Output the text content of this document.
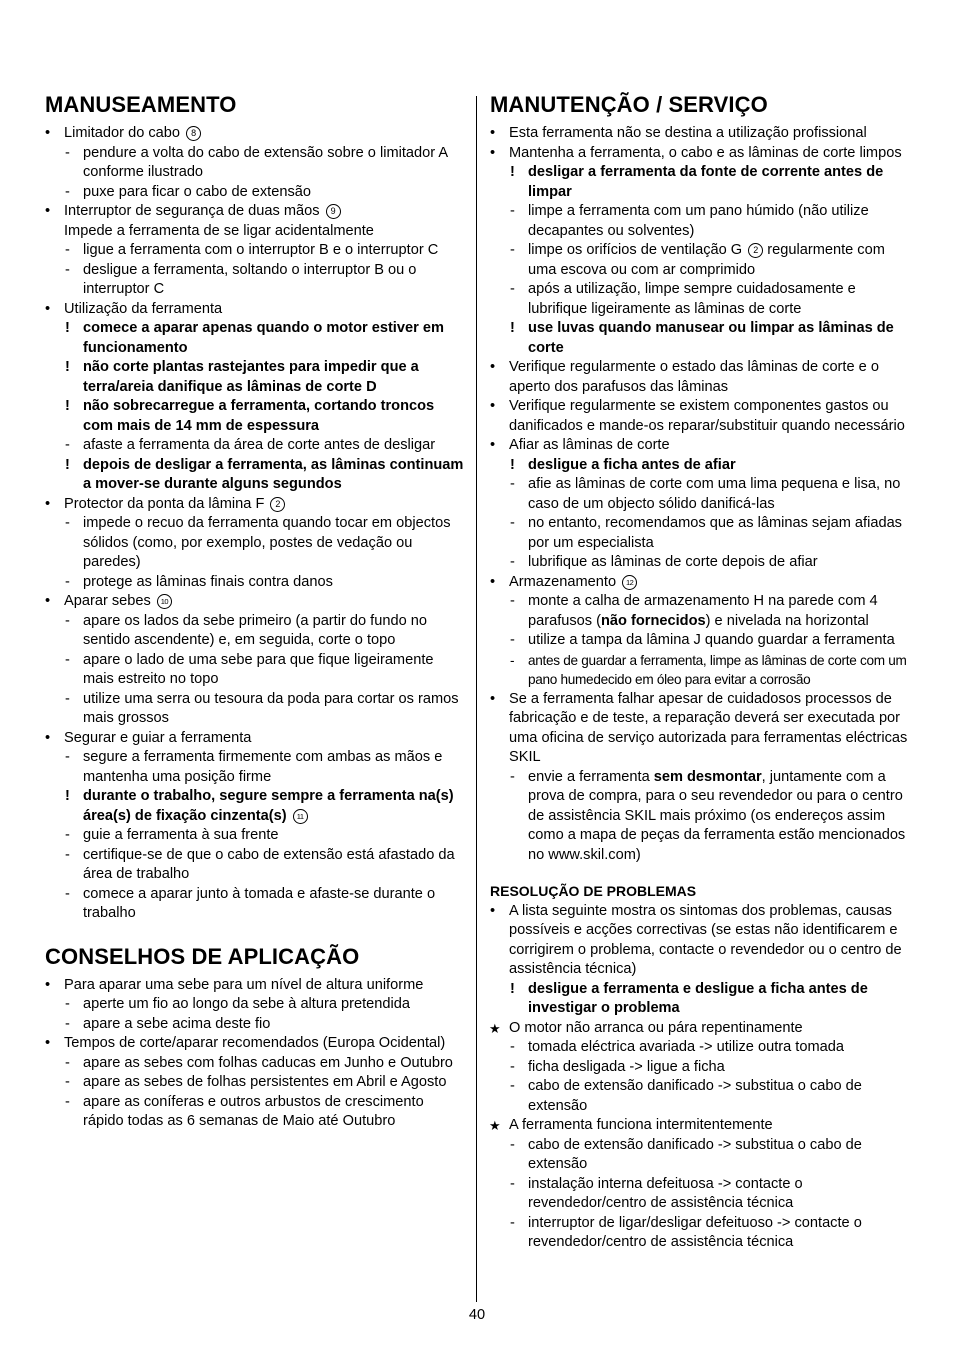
MANUSEAMENTO
• Limitador do cabo 8
- pendure a volta do cabo de extensão sobre o limitador A conforme ilustrado
- puxe para ficar o cabo de extensão
• Interruptor de segurança de duas mãos 9
Impede a ferramenta de se ligar acidentalmente
- ligue a ferramenta com o interruptor B e o interruptor C
- desligue a ferramenta, soltando o interruptor B ou o interruptor C
• Utilização da ferramenta
! comece a aparar apenas quando o motor estiver em funcionamento
! não corte plantas rastejantes para impedir que a terra/areia danifique as lâminas de corte D
! não sobrecarregue a ferramenta, cortando troncos com mais de 14 mm de espessura
- afaste a ferramenta da área de corte antes de desligar
! depois de desligar a ferramenta, as lâminas continuam a mover-se durante alguns segundos
• Protector da ponta da lâmina F 2
- impede o recuo da ferramenta quando tocar em objectos sólidos (como, por exemplo, postes de vedação ou paredes)
- protege as lâminas finais contra danos
• Aparar sebes 10
- apare os lados da sebe primeiro (a partir do fundo no sentido ascendente) e, em seguida, corte o topo
- apare o lado de uma sebe para que fique ligeiramente mais estreito no topo
- utilize uma serra ou tesoura da poda para cortar os ramos mais grossos
• Segurar e guiar a ferramenta
- segure a ferramenta firmemente com ambas as mãos e mantenha uma posição firme
! durante o trabalho, segure sempre a ferramenta na(s) área(s) de fixação cinzenta(s) 11
- guie a ferramenta à sua frente
- certifique-se de que o cabo de extensão está afastado da área de trabalho
- comece a aparar junto à tomada e afaste-se durante o trabalho
CONSELHOS DE APLICAÇÃO
• Para aparar uma sebe para um nível de altura uniforme
- aperte um fio ao longo da sebe à altura pretendida
- apare a sebe acima deste fio
• Tempos de corte/aparar recomendados (Europa Ocidental)
- apare as sebes com folhas caducas em Junho e Outubro
- apare as sebes de folhas persistentes em Abril e Agosto
- apare as coníferas e outros arbustos de crescimento rápido todas as 6 semanas de Maio até Outubro
MANUTENÇÃO / SERVIÇO
• Esta ferramenta não se destina a utilização profissional
• Mantenha a ferramenta, o cabo e as lâminas de corte limpos
! desligar a ferramenta da fonte de corrente antes de limpar
- limpe a ferramenta com um pano húmido (não utilize decapantes ou solventes)
- limpe os orifícios de ventilação G 2 regularmente com uma escova ou com ar comprimido
- após a utilização, limpe sempre cuidadosamente e lubrifique ligeiramente as lâminas de corte
! use luvas quando manusear ou limpar as lâminas de corte
• Verifique regularmente o estado das lâminas de corte e o aperto dos parafusos das lâminas
• Verifique regularmente se existem componentes gastos ou danificados e mande-os reparar/substituir quando necessário
• Afiar as lâminas de corte
! desligue a ficha antes de afiar
- afie as lâminas de corte com uma lima pequena e lisa, no caso de um objecto sólido danificá-las
- no entanto, recomendamos que as lâminas sejam afiadas por um especialista
- lubrifique as lâminas de corte depois de afiar
• Armazenamento 12
- monte a calha de armazenamento H na parede com 4 parafusos (não fornecidos) e nivelada na horizontal
- utilize a tampa da lâmina J quando guardar a ferramenta
- antes de guardar a ferramenta, limpe as lâminas de corte com um pano humedecido em óleo para evitar a corrosão
• Se a ferramenta falhar apesar de cuidadosos processos de fabricação e de teste, a reparação deverá ser executada por uma oficina de serviço autorizada para ferramentas eléctricas SKIL
- envie a ferramenta sem desmontar, juntamente com a prova de compra, para o seu revendedor ou para o centro de assistência SKIL mais próximo (os endereços assim como a mapa de peças da ferramenta estão mencionados no www.skil.com)
RESOLUÇÃO DE PROBLEMAS
• A lista seguinte mostra os sintomas dos problemas, causas possíveis e acções correctivas (se estas não identificarem e corrigirem o problema, contacte o revendedor ou o centro de assistência técnica)
! desligue a ferramenta e desligue a ficha antes de investigar o problema
★ O motor não arranca ou pára repentinamente
- tomada eléctrica avariada -> utilize outra tomada
- ficha desligada -> ligue a ficha
- cabo de extensão danificado -> substitua o cabo de extensão
★ A ferramenta funciona intermitentemente
- cabo de extensão danificado -> substitua o cabo de extensão
- instalação interna defeituosa -> contacte o revendedor/centro de assistência técnica
- interruptor de ligar/desligar defeituoso -> contacte o revendedor/centro de assistência técnica
40
